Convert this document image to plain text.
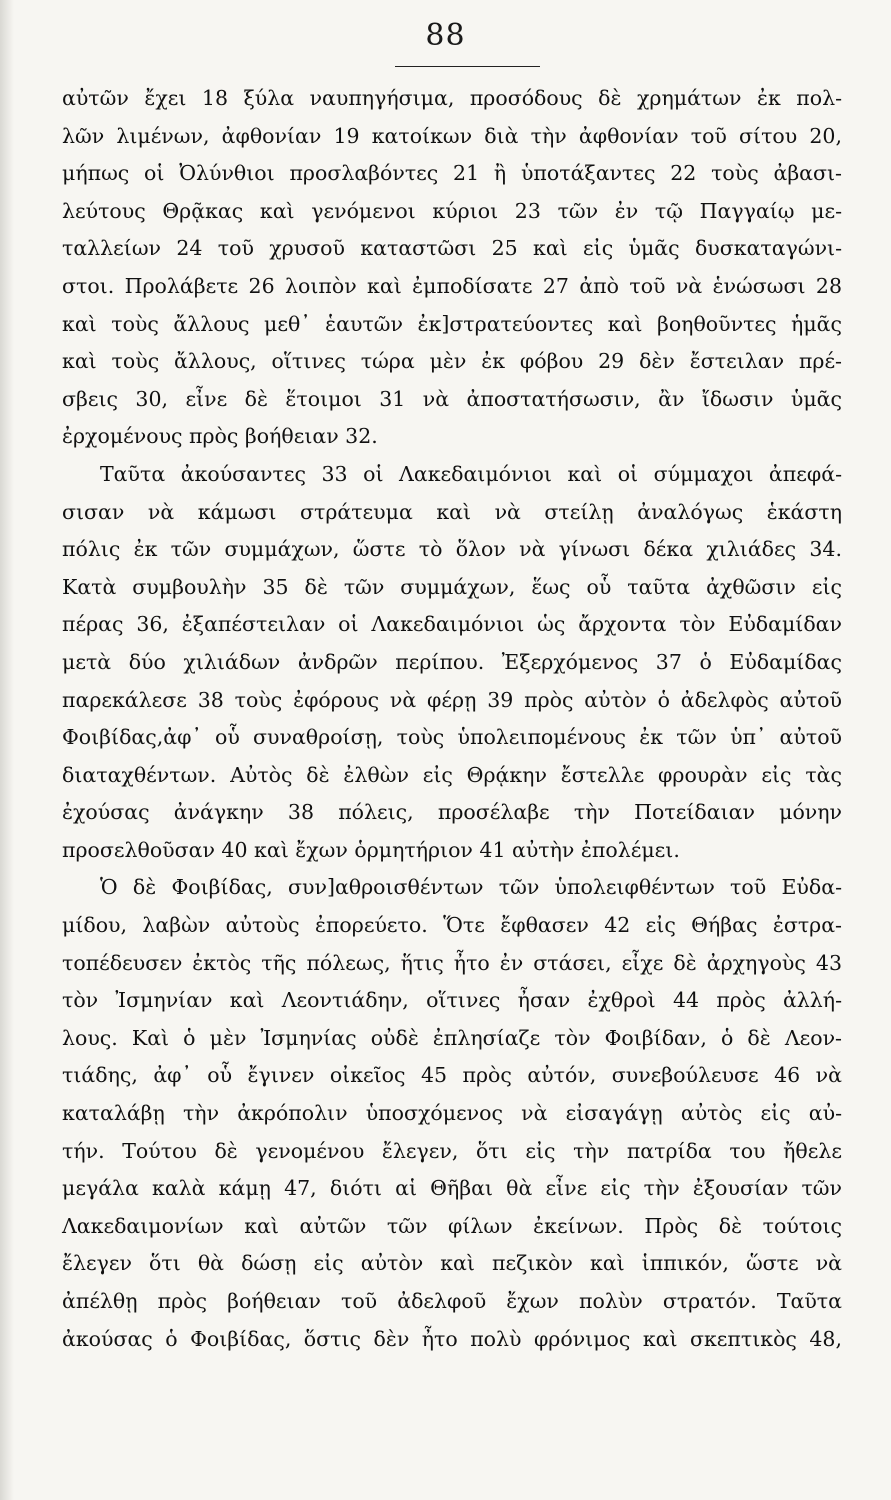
88
αὐτῶν ἔχει 18 ξύλα ναυπηγήσιμα, προσόδους δὲ χρημάτων ἐκ πολ-
λῶν λιμένων, ἀφθονίαν 19 κατοίκων διὰ τὴν ἀφθονίαν τοῦ σίτου 20,
μήπως οἱ Ὀλύνθιοι προσλαβόντες 21 ἢ ὑποτάξαντες 22 τοὺς ἀβασι-
λεύτους Θρᾷκας καὶ γενόμενοι κύριοι 23 τῶν ἐν τῷ Παγγαίῳ με-
ταλλείων 24 τοῦ χρυσοῦ καταστῶσι 25 καὶ εἰς ὑμᾶς δυσκαταγώνι-
στοι. Προλάβετε 26 λοιπὸν καὶ ἐμποδίσατε 27 ἀπὸ τοῦ νὰ ἑνώσωσι 28
καὶ τοὺς ἄλλους μεθ᾽ ἑαυτῶν ἐκ]στρατεύοντες καὶ βοηθοῦντες ἡμᾶς
καὶ τοὺς ἄλλους, οἵτινες τώρα μὲν ἐκ φόβου 29 δὲν ἔστειλαν πρέ-
σβεις 30, εἶνε δὲ ἕτοιμοι 31 νὰ ἀποστατήσωσιν, ἂν ἴδωσιν ὑμᾶς
ἐρχομένους πρὸς βοήθειαν 32.
Ταῦτα ἀκούσαντες 33 οἱ Λακεδαιμόνιοι καὶ οἱ σύμμαχοι ἀπεφά-
σισαν νὰ κάμωσι στράτευμα καὶ νὰ στείλῃ ἀναλόγως ἑκάστη
πόλις ἐκ τῶν συμμάχων, ὥστε τὸ ὅλον νὰ γίνωσι δέκα χιλιάδες 34.
Κατὰ συμβουλὴν 35 δὲ τῶν συμμάχων, ἕως οὗ ταῦτα ἀχθῶσιν εἰς
πέρας 36, ἐξαπέστειλαν οἱ Λακεδαιμόνιοι ὡς ἄρχοντα τὸν Εὐδαμίδαν
μετὰ δύο χιλιάδων ἀνδρῶν περίπου. Ἐξερχόμενος 37 ὁ Εὐδαμίδας
παρεκάλεσε 38 τοὺς ἐφόρους νὰ φέρῃ 39 πρὸς αὐτὸν ὁ ἀδελφὸς αὐτοῦ
Φοιβίδας,ἀφ᾽ οὗ συναθροίσῃ, τοὺς ὑπολειπομένους ἐκ τῶν ὑπ᾽ αὐτοῦ
διαταχθέντων. Αὐτὸς δὲ ἐλθὼν εἰς Θρᾴκην ἔστελλε φρουρὰν εἰς τὰς
ἐχούσας ἀνάγκην 38 πόλεις, προσέλαβε τὴν Ποτείδαιαν μόνην
προσελθοῦσαν 40 καὶ ἔχων ὁρμητήριον 41 αὐτὴν ἐπολέμει.
Ὁ δὲ Φοιβίδας, συν]αθροισθέντων τῶν ὑπολειφθέντων τοῦ Εὐδα-
μίδου, λαβὼν αὐτοὺς ἐπορεύετο. Ὅτε ἔφθασεν 42 εἰς Θήβας ἐστρα-
τοπέδευσεν ἐκτὸς τῆς πόλεως, ἥτις ἦτο ἐν στάσει, εἶχε δὲ ἀρχηγοὺς 43
τὸν Ἰσμηνίαν καὶ Λεοντιάδην, οἵτινες ἦσαν ἐχθροὶ 44 πρὸς ἀλλή-
λους. Καὶ ὁ μὲν Ἰσμηνίας οὐδὲ ἐπλησίαζε τὸν Φοιβίδαν, ὁ δὲ Λεον-
τιάδης, ἀφ᾽ οὗ ἔγινεν οἰκεῖος 45 πρὸς αὐτόν, συνεβούλευσε 46 νὰ
καταλάβῃ τὴν ἀκρόπολιν ὑποσχόμενος νὰ εἰσαγάγῃ αὐτὸς εἰς αὐ-
τήν. Τούτου δὲ γενομένου ἔλεγεν, ὅτι εἰς τὴν πατρίδα του ἤθελε
μεγάλα καλὰ κάμῃ 47, διότι αἱ Θῆβαι θὰ εἶνε εἰς τὴν ἐξουσίαν τῶν
Λακεδαιμονίων καὶ αὐτῶν τῶν φίλων ἐκείνων. Πρὸς δὲ τούτοις
ἔλεγεν ὅτι θὰ δώσῃ εἰς αὐτὸν καὶ πεζικὸν καὶ ἱππικόν, ὥστε νὰ
ἀπέλθῃ πρὸς βοήθειαν τοῦ ἀδελφοῦ ἔχων πολὺν στρατόν. Ταῦτα
ἀκούσας ὁ Φοιβίδας, ὅστις δὲν ἦτο πολὺ φρόνιμος καὶ σκεπτικὸς 48,
